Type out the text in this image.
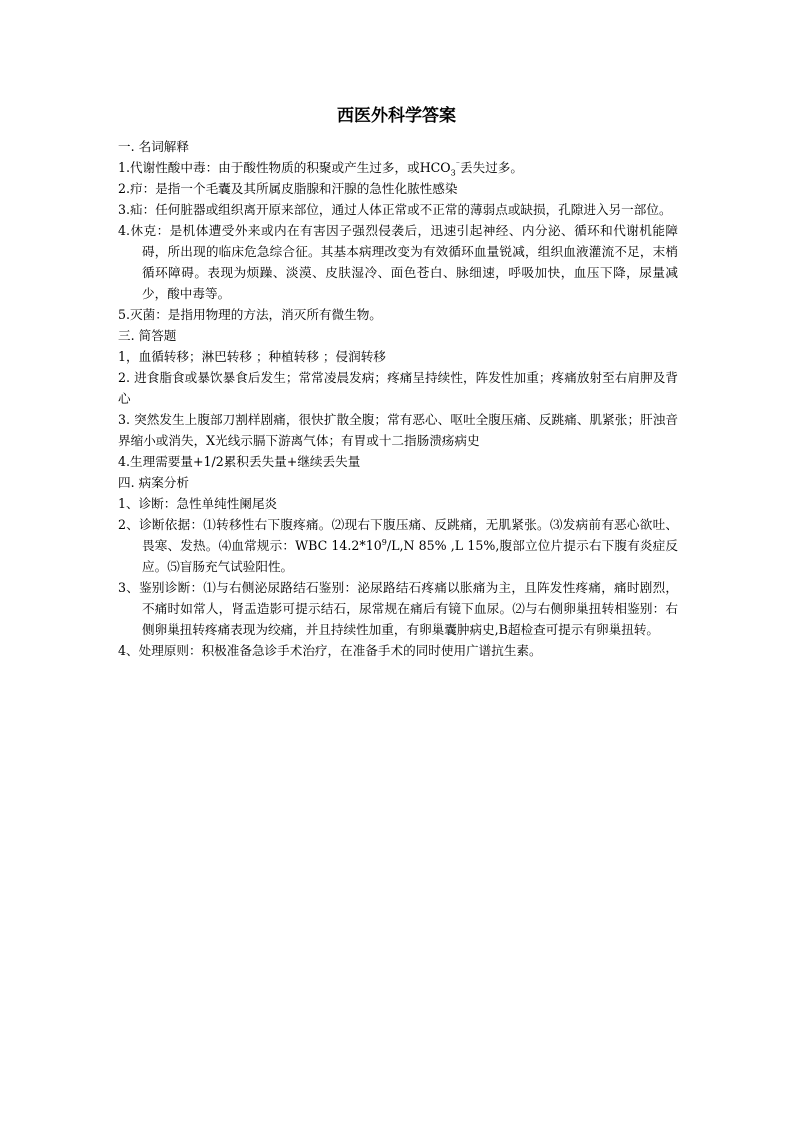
西医外科学答案

一. 名词解释

1.代谢性酸中毒：由于酸性物质的积聚或产生过多，或$HCO_3^{^-}$丢失过多。

2.疖：是指一个毛囊及其所属皮脂腺和汗腺的急性化脓性感染

3.疝：任何脏器或组织离开原来部位，通过人体正常或不正常的薄弱点或缺损，孔隙进入另一部位。

4.休克：是机体遭受外来或内在有害因子强烈侵袭后，迅速引起神经、内分泌、循环和代谢机能障碍，所出现的临床危急综合征。其基本病理改变为有效循环血量锐减，组织血液灌流不足，末梢循环障碍。表现为烦躁、淡漠、皮肤湿冷、面色苍白、脉细速，呼吸加快，血压下降，尿量减少，酸中毒等。

5.灭菌：是指用物理的方法，消灭所有微生物。

三. 简答题

1，血循转移；淋巴转移 ；种植转移 ；侵润转移

2. 进食脂食或暴饮暴食后发生；常常凌晨发病；疼痛呈持续性，阵发性加重；疼痛放射至右肩胛及背心

3. 突然发生上腹部刀割样剧痛，很快扩散全腹；常有恶心、呕吐全腹压痛、反跳痛、肌紧张；肝浊音界缩小或消失，X光线示膈下游离气体；有胃或十二指肠溃疡病史

4.生理需要量+1/2累积丢失量+继续丢失量

四. 病案分析

1、诊断：急性单纯性阑尾炎

2、诊断依据：⑴转移性右下腹疼痛。⑵现右下腹压痛、反跳痛，无肌紧张。⑶发病前有恶心欲吐、畏寒、发热。⑷血常规示：WBC $14.2*10^9/L,N$ 85% ,L 15%,腹部立位片提示右下腹有炎症反应。⑸盲肠充气试验阳性。

3、鉴别诊断：⑴与右侧泌尿路结石鉴别：泌尿路结石疼痛以胀痛为主，且阵发性疼痛，痛时剧烈，不痛时如常人，肾盂造影可提示结石，尿常规在痛后有镜下血尿。⑵与右侧卵巢扭转相鉴别：右侧卵巢扭转疼痛表现为绞痛，并且持续性加重，有卵巢囊肿病史,B超检查可提示有卵巢扭转。

4、处理原则：积极准备急诊手术治疗，在准备手术的同时使用广谱抗生素。
